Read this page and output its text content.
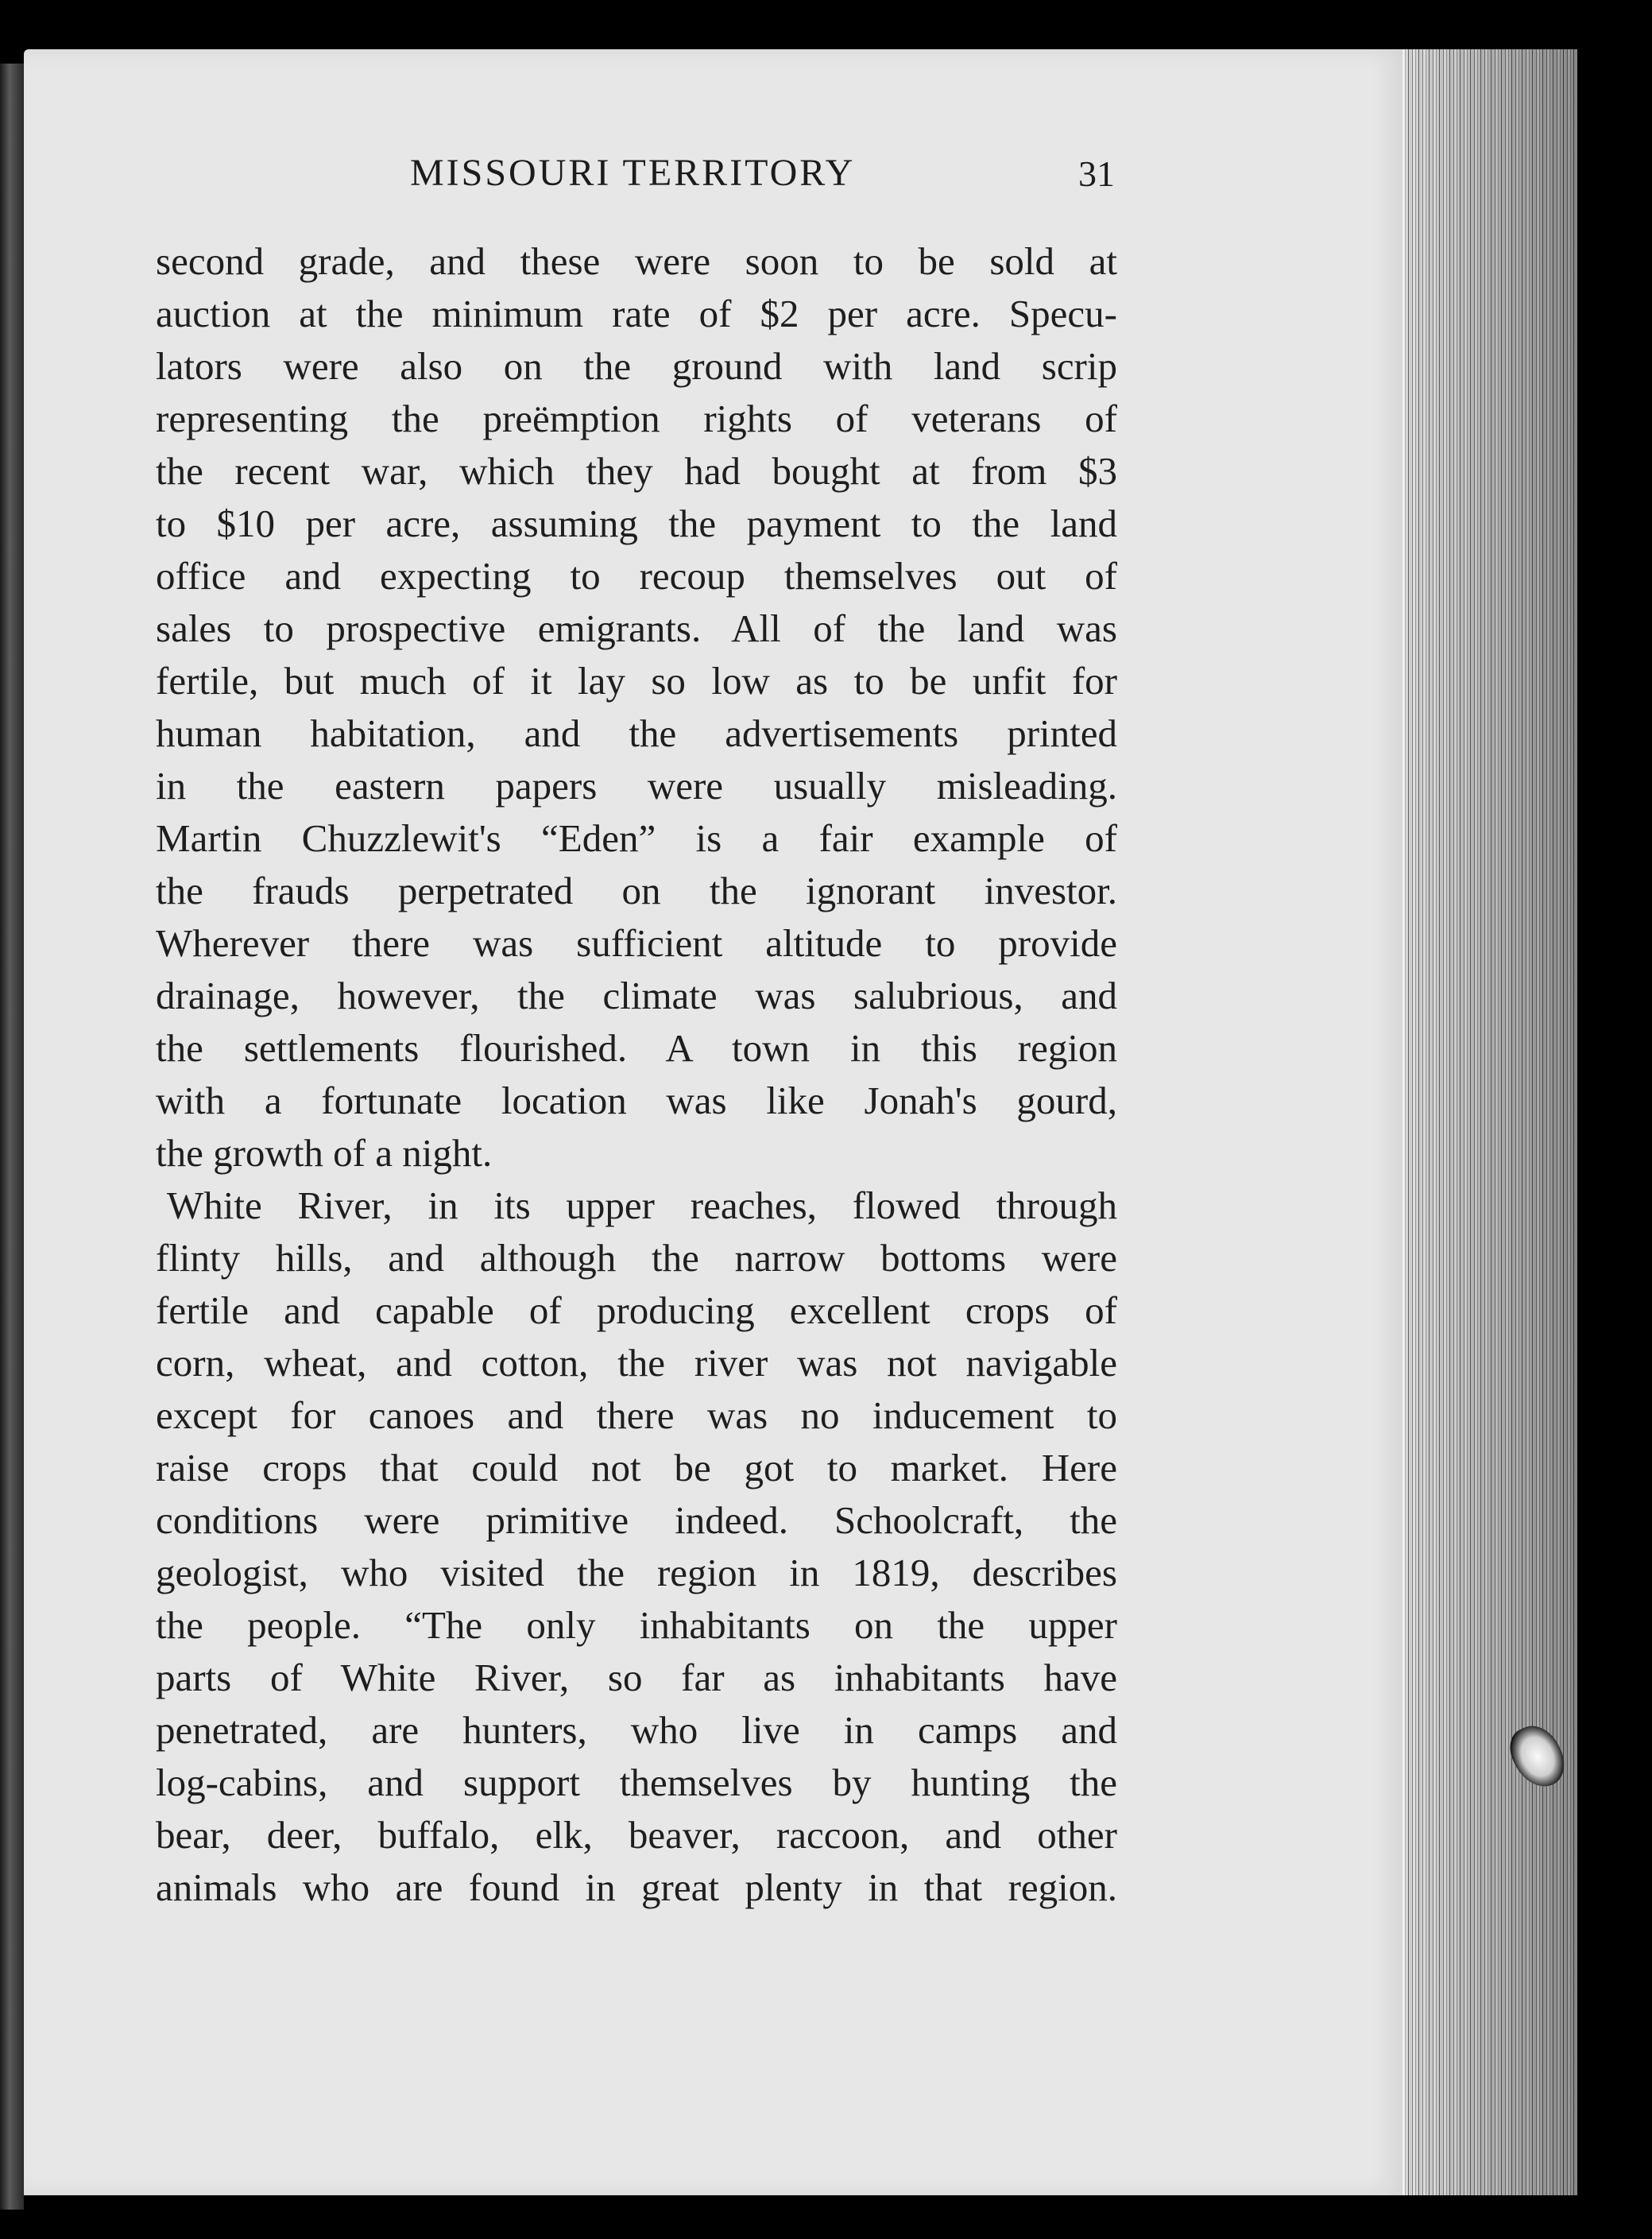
MISSOURI TERRITORY	31
second grade, and these were soon to be sold at
auction at the minimum rate of $2 per acre. Specu-
lators were also on the ground with land scrip
representing the preëmption rights of veterans of
the recent war, which they had bought at from $3
to $10 per acre, assuming the payment to the land
office and expecting to recoup themselves out of
sales to prospective emigrants. All of the land was
fertile, but much of it lay so low as to be unfit for
human habitation, and the advertisements printed
in the eastern papers were usually misleading.
Martin Chuzzlewit's “Eden” is a fair example of
the frauds perpetrated on the ignorant investor.
Wherever there was sufficient altitude to provide
drainage, however, the climate was salubrious, and
the settlements flourished. A town in this region
with a fortunate location was like Jonah's gourd,
the growth of a night.
White River, in its upper reaches, flowed through
flinty hills, and although the narrow bottoms were
fertile and capable of producing excellent crops of
corn, wheat, and cotton, the river was not navigable
except for canoes and there was no inducement to
raise crops that could not be got to market. Here
conditions were primitive indeed. Schoolcraft, the
geologist, who visited the region in 1819, describes
the people. “The only inhabitants on the upper
parts of White River, so far as inhabitants have
penetrated, are hunters, who live in camps and
log-cabins, and support themselves by hunting the
bear, deer, buffalo, elk, beaver, raccoon, and other
animals who are found in great plenty in that region.
